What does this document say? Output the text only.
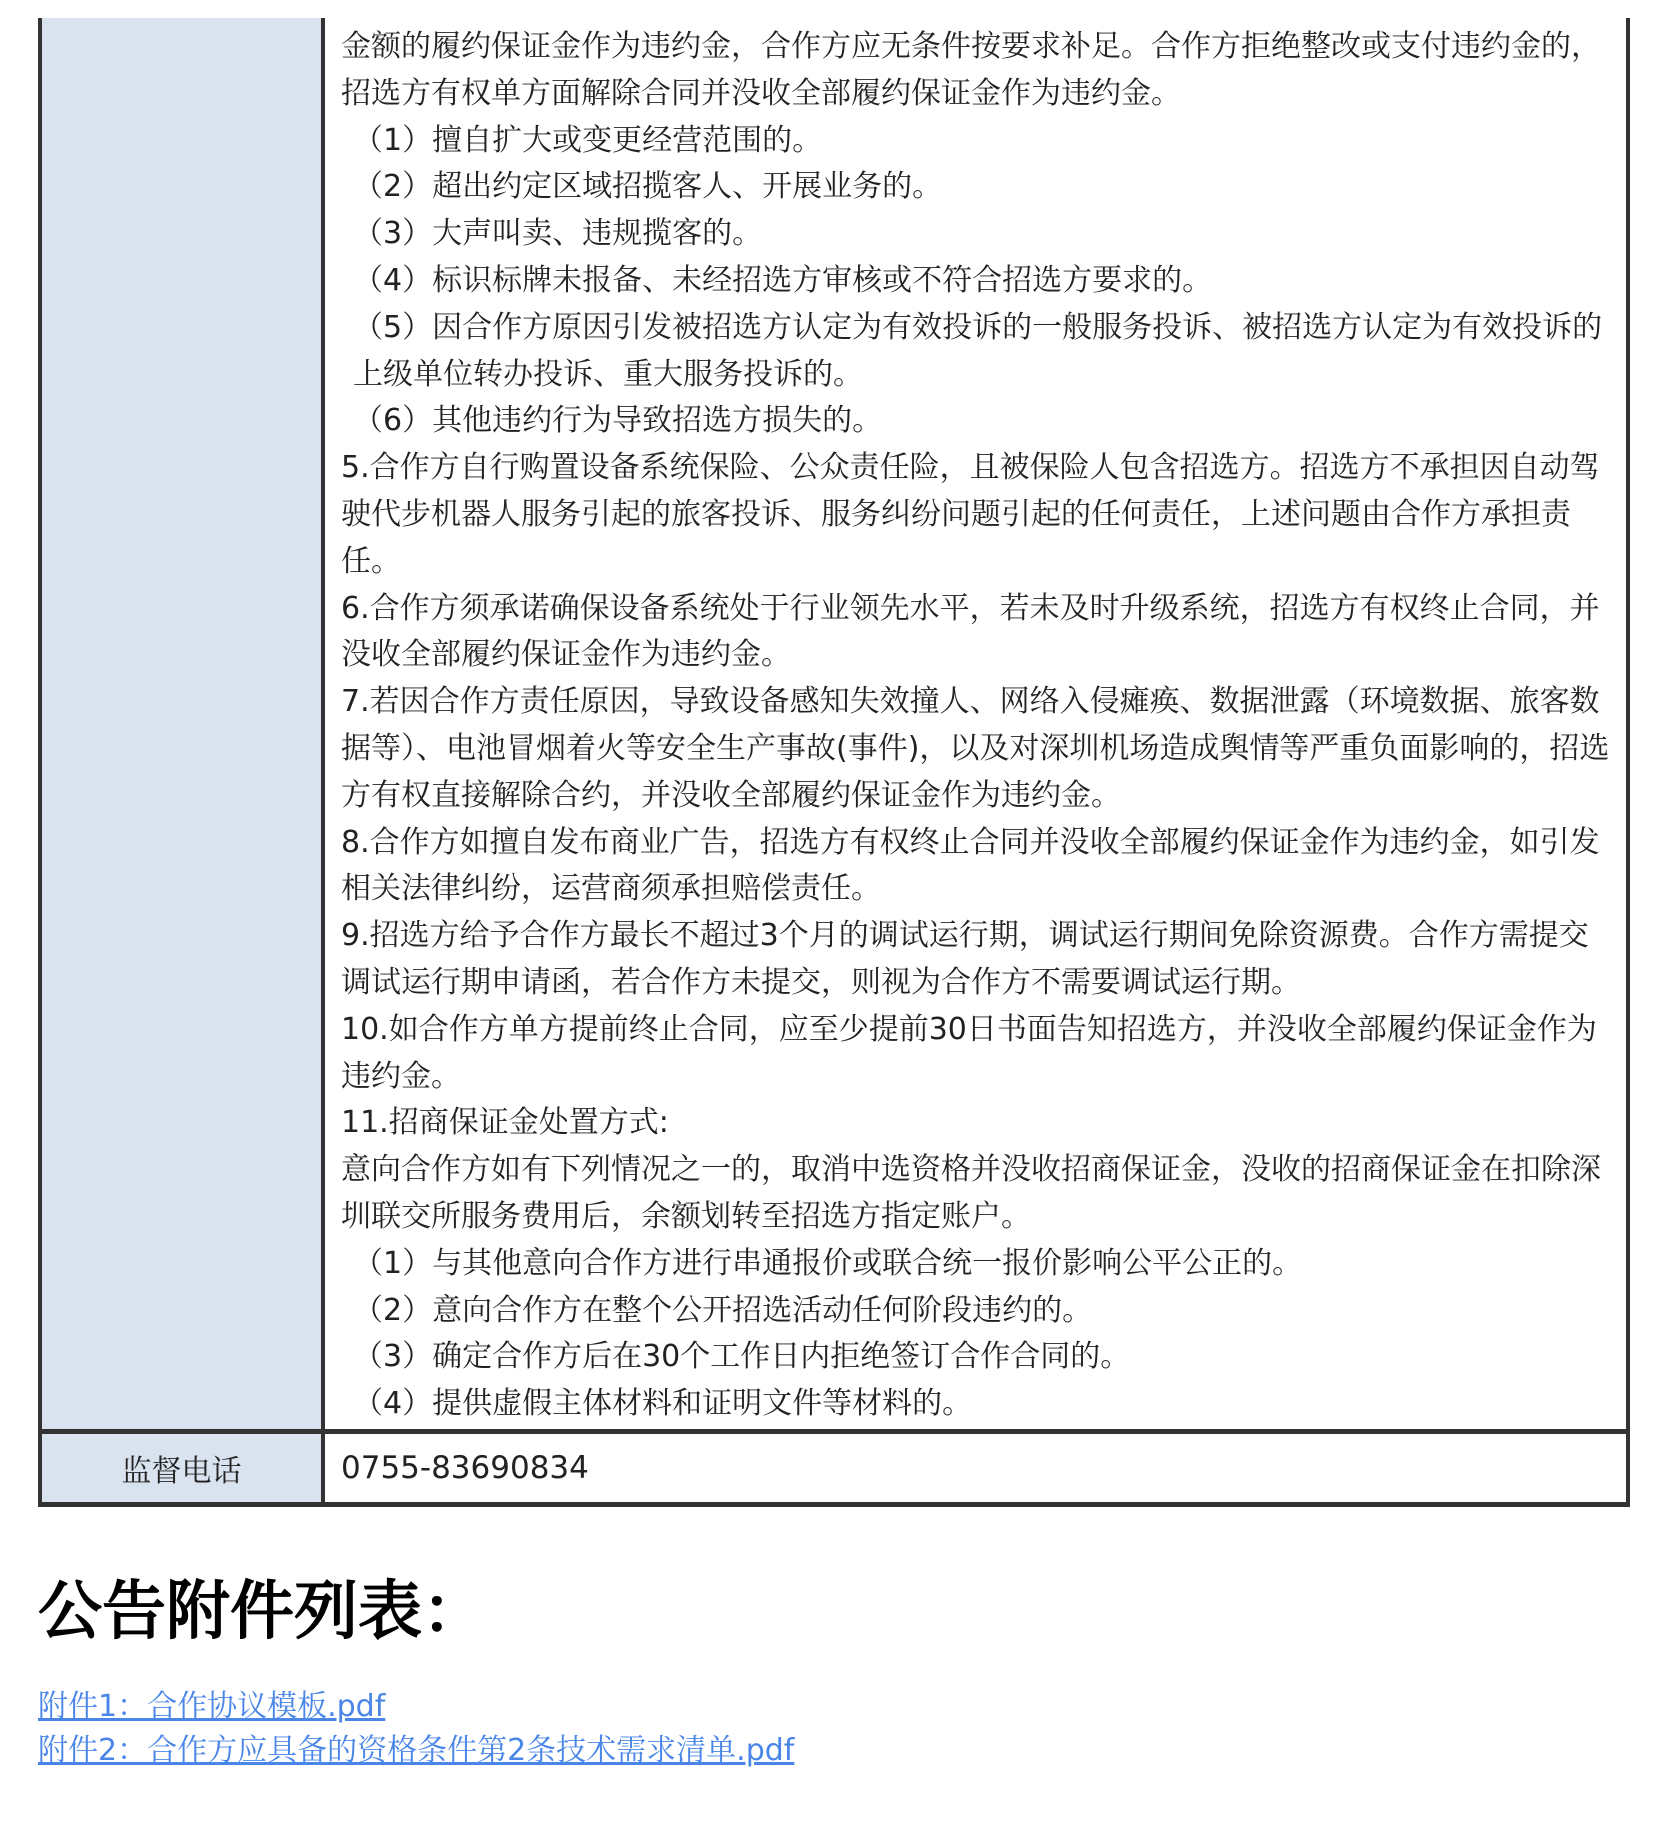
金额的履约保证金作为违约金，合作方应无条件按要求补足。合作方拒绝整改或支付违约金的，招选方有权单方面解除合同并没收全部履约保证金作为违约金。

（1）擅自扩大或变更经营范围的。

（2）超出约定区域招揽客人、开展业务的。

（3）大声叫卖、违规揽客的。

（4）标识标牌未报备、未经招选方审核或不符合招选方要求的。

（5）因合作方原因引发被招选方认定为有效投诉的一般服务投诉、被招选方认定为有效投诉的上级单位转办投诉、重大服务投诉的。

（6）其他违约行为导致招选方损失的。

5.合作方自行购置设备系统保险、公众责任险，且被保险人包含招选方。招选方不承担因自动驾驶代步机器人服务引起的旅客投诉、服务纠纷问题引起的任何责任，上述问题由合作方承担责任。

6.合作方须承诺确保设备系统处于行业领先水平，若未及时升级系统，招选方有权终止合同，并没收全部履约保证金作为违约金。

7.若因合作方责任原因，导致设备感知失效撞人、网络入侵瘫痪、数据泄露（环境数据、旅客数据等）、电池冒烟着火等安全生产事故(事件)，以及对深圳机场造成舆情等严重负面影响的，招选方有权直接解除合约，并没收全部履约保证金作为违约金。

8.合作方如擅自发布商业广告，招选方有权终止合同并没收全部履约保证金作为违约金，如引发相关法律纠纷，运营商须承担赔偿责任。

9.招选方给予合作方最长不超过3个月的调试运行期，调试运行期间免除资源费。合作方需提交调试运行期申请函，若合作方未提交，则视为合作方不需要调试运行期。

10.如合作方单方提前终止合同，应至少提前30日书面告知招选方，并没收全部履约保证金作为违约金。

11.招商保证金处置方式:

意向合作方如有下列情况之一的，取消中选资格并没收招商保证金，没收的招商保证金在扣除深圳联交所服务费用后，余额划转至招选方指定账户。

（1）与其他意向合作方进行串通报价或联合统一报价影响公平公正的。

（2）意向合作方在整个公开招选活动任何阶段违约的。

（3）确定合作方后在30个工作日内拒绝签订合作合同的。

（4）提供虚假主体材料和证明文件等材料的。

监督电话	0755-83690834
公告附件列表：
附件1：合作协议模板.pdf
附件2：合作方应具备的资格条件第2条技术需求清单.pdf
